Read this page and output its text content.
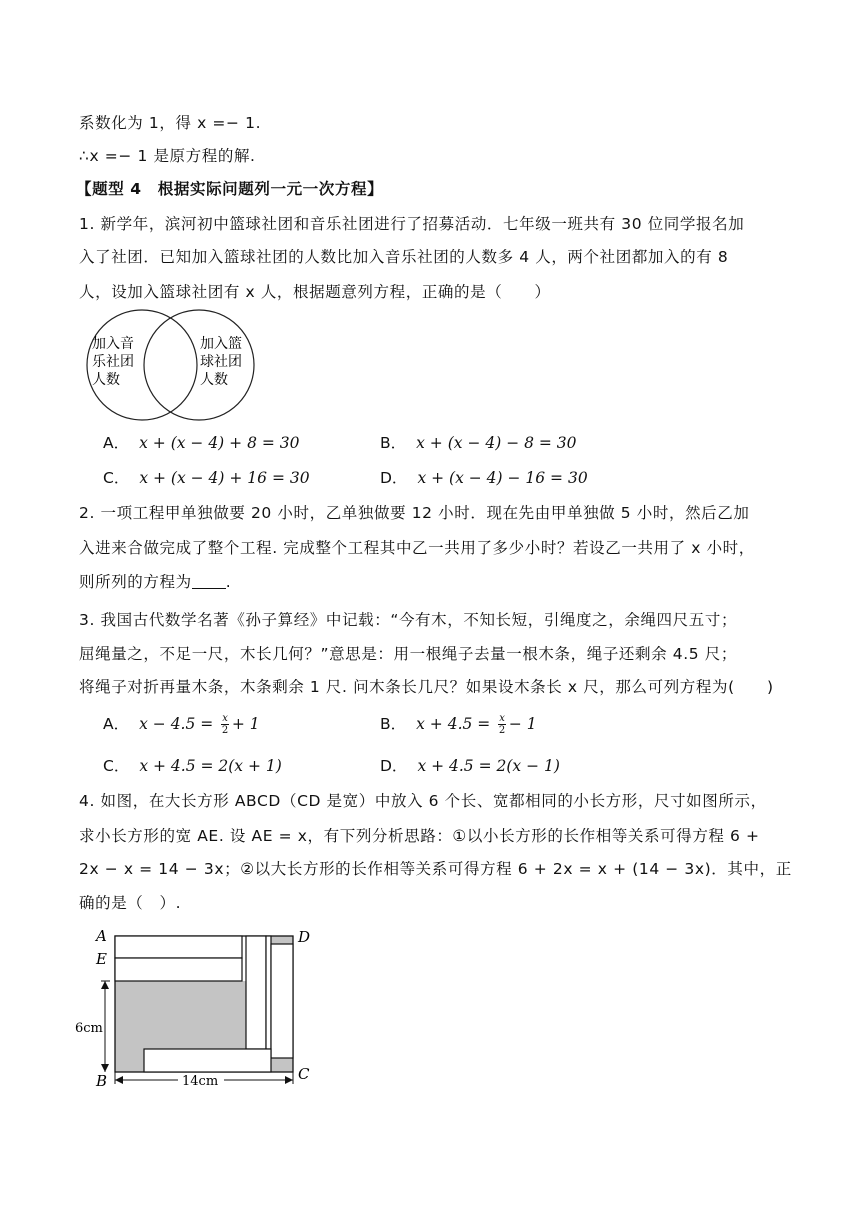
系数化为 1，得 x =− 1.
∴x =− 1 是原方程的解.
【题型 4　根据实际问题列一元一次方程】
1. 新学年，滨河初中篮球社团和音乐社团进行了招募活动．七年级一班共有 30 位同学报名加
入了社团．已知加入篮球社团的人数比加入音乐社团的人数多 4 人，两个社团都加入的有 8
人，设加入篮球社团有 x 人，根据题意列方程，正确的是（　　）
加入音
乐社团
人数
加入篮
球社团
人数
A． x + (x − 4) + 8 = 30	B． x + (x − 4) − 8 = 30
C． x + (x − 4) + 16 = 30	D． x + (x − 4) − 16 = 30
2. 一项工程甲单独做要 20 小时，乙单独做要 12 小时．现在先由甲单独做 5 小时，然后乙加
入进来合做完成了整个工程. 完成整个工程其中乙一共用了多少小时？若设乙一共用了 x 小时，
则所列的方程为 .
3. 我国古代数学名著《孙子算经》中记载：“今有木，不知长短，引绳度之，余绳四尺五寸；
屈绳量之，不足一尺，木长几何？”意思是：用一根绳子去量一根木条，绳子还剩余 4.5 尺；
将绳子对折再量木条，木条剩余 1 尺. 问木条长几尺？如果设木条长 x 尺，那么可列方程为(　　)
A． $x - 4.5 = \frac{x}{2} + 1$	B． $x + 4.5 = \frac{x}{2} - 1$
C． x + 4.5 = 2(x + 1)	D． x + 4.5 = 2(x − 1)
4. 如图，在大长方形 ABCD（CD 是宽）中放入 6 个长、宽都相同的小长方形，尺寸如图所示，
求小长方形的宽 AE. 设 AE = x，有下列分析思路：①以小长方形的长作相等关系可得方程 6 +
2x − x = 14 − 3x；②以大长方形的长作相等关系可得方程 6 + 2x = x + (14 − 3x)．其中，正
确的是（　）.
A
E
B
D
C
6cm
14cm
